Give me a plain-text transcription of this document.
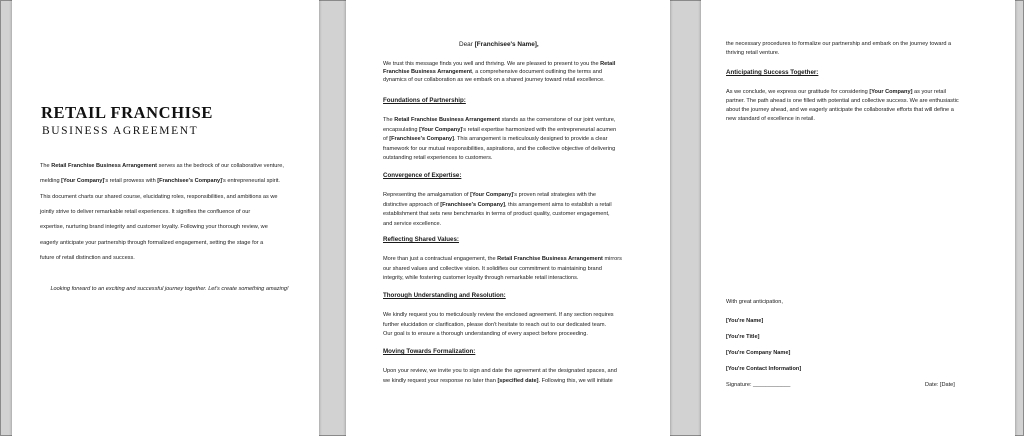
RETAIL FRANCHISE
BUSINESS AGREEMENT
The Retail Franchise Business Arrangement serves as the bedrock of our collaborative venture,
melding [Your Company]'s retail prowess with [Franchisee's Company]'s entrepreneurial spirit.
This document charts our shared course, elucidating roles, responsibilities, and ambitions as we
jointly strive to deliver remarkable retail experiences. It signifies the confluence of our
expertise, nurturing brand integrity and customer loyalty. Following your thorough review, we
eagerly anticipate your partnership through formalized engagement, setting the stage for a
future of retail distinction and success.
Looking forward to an exciting and successful journey together. Let's create something amazing!
Dear [Franchisee's Name],
We trust this message finds you well and thriving. We are pleased to present to you the Retail
Franchise Business Arrangement, a comprehensive document outlining the terms and
dynamics of our collaboration as we embark on a shared journey toward retail excellence.
Foundations of Partnership:
The Retail Franchise Business Arrangement stands as the cornerstone of our joint venture,
encapsulating [Your Company]'s retail expertise harmonized with the entrepreneurial acumen
of [Franchisee's Company]. This arrangement is meticulously designed to provide a clear
framework for our mutual responsibilities, aspirations, and the collective objective of delivering
outstanding retail experiences to customers.
Convergence of Expertise:
Representing the amalgamation of [Your Company]'s proven retail strategies with the
distinctive approach of [Franchisee's Company], this arrangement aims to establish a retail
establishment that sets new benchmarks in terms of product quality, customer engagement,
and service excellence.
Reflecting Shared Values:
More than just a contractual engagement, the Retail Franchise Business Arrangement mirrors
our shared values and collective vision. It solidifies our commitment to maintaining brand
integrity, while fostering customer loyalty through remarkable retail interactions.
Thorough Understanding and Resolution:
We kindly request you to meticulously review the enclosed agreement. If any section requires
further elucidation or clarification, please don't hesitate to reach out to our dedicated team.
Our goal is to ensure a thorough understanding of every aspect before proceeding.
Moving Towards Formalization:
Upon your review, we invite you to sign and date the agreement at the designated spaces, and
we kindly request your response no later than [specified date]. Following this, we will initiate
the necessary procedures to formalize our partnership and embark on the journey toward a
thriving retail venture.
Anticipating Success Together:
As we conclude, we express our gratitude for considering [Your Company] as your retail
partner. The path ahead is one filled with potential and collective success. We are enthusiastic
about the journey ahead, and we eagerly anticipate the collaborative efforts that will define a
new standard of excellence in retail.
With great anticipation,
[You're Name]
[You're Title]
[You're Company Name]
[You're Contact Information]
Signature: ____________	Date: [Date]
